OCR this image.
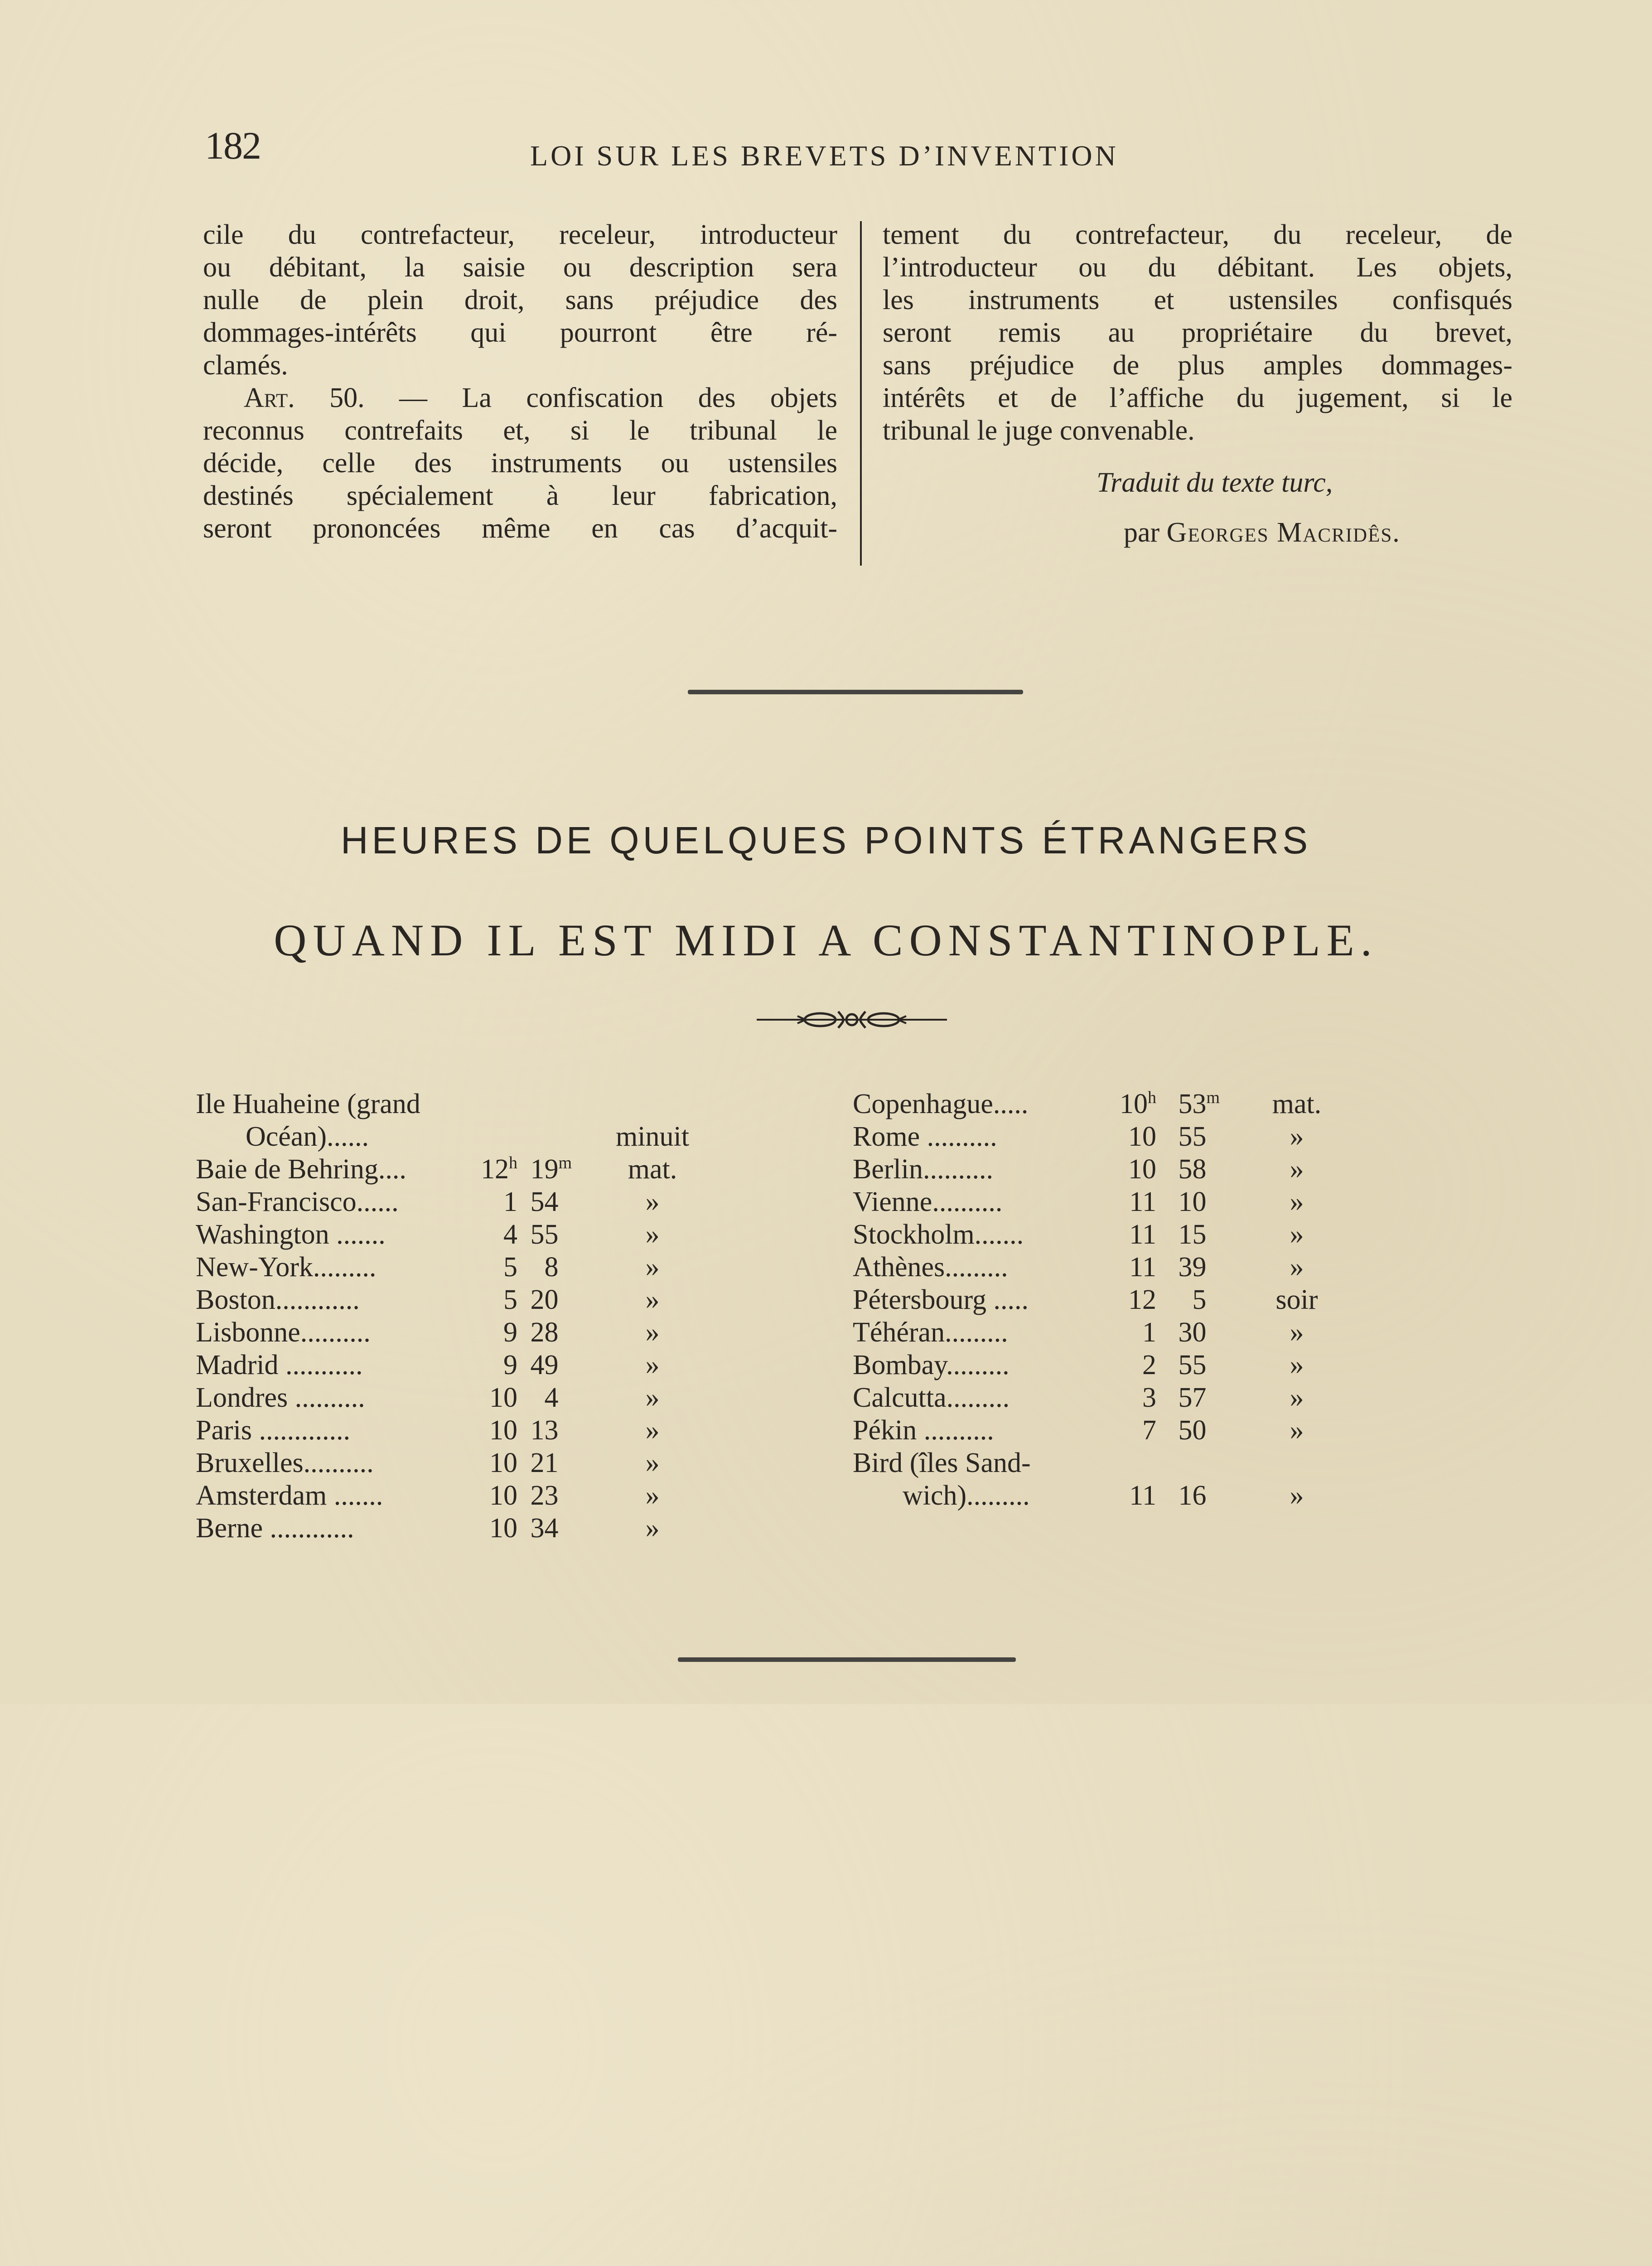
182	LOI SUR LES BREVETS D’INVENTION
cile du contrefacteur, receleur, introducteur
ou débitant, la saisie ou description sera
nulle de plein droit, sans préjudice des
dommages-intérêts qui pourront être ré-
clamés.
Art. 50. — La confiscation des objets
reconnus contrefaits et, si le tribunal le
décide, celle des instruments ou ustensiles
destinés spécialement à leur fabrication,
seront prononcées même en cas d’acquit-
tement du contrefacteur, du receleur, de
l’introducteur ou du débitant. Les objets,
les instruments et ustensiles confisqués
seront remis au propriétaire du brevet,
sans préjudice de plus amples dommages-
intérêts et de l’affiche du jugement, si le
tribunal le juge convenable.
Traduit du texte turc,
par Georges Macridês.
HEURES DE QUELQUES POINTS ÉTRANGERS
QUAND IL EST MIDI A CONSTANTINOPLE.
Ile Huaheine (grand
Océan)......	minuit
Baie de Behring....	12$^h$ 19$^m$	mat.
San-Francisco......	1 54	»
Washington .......	4 55	»
New-York.........	5 8	»
Boston............	5 20	»
Lisbonne..........	9 28	»
Madrid ...........	9 49	»
Londres ..........	10 4	»
Paris .............	10 13	»
Bruxelles..........	10 21	»
Amsterdam .......	10 23	»
Berne ............	10 34	»
Copenhague.....	10$^h$ 53$^m$	mat.
Rome ..........	10 55	»
Berlin..........	10 58	»
Vienne..........	11 10	»
Stockholm.......	11 15	»
Athènes.........	11 39	»
Pétersbourg .....	12	5	soir
Téhéran.........	1 30	»
Bombay.........	2 55	»
Calcutta.........	3 57	»
Pékin ..........	7 50	»
Bird (îles Sand-
wich).........	11 16	»
